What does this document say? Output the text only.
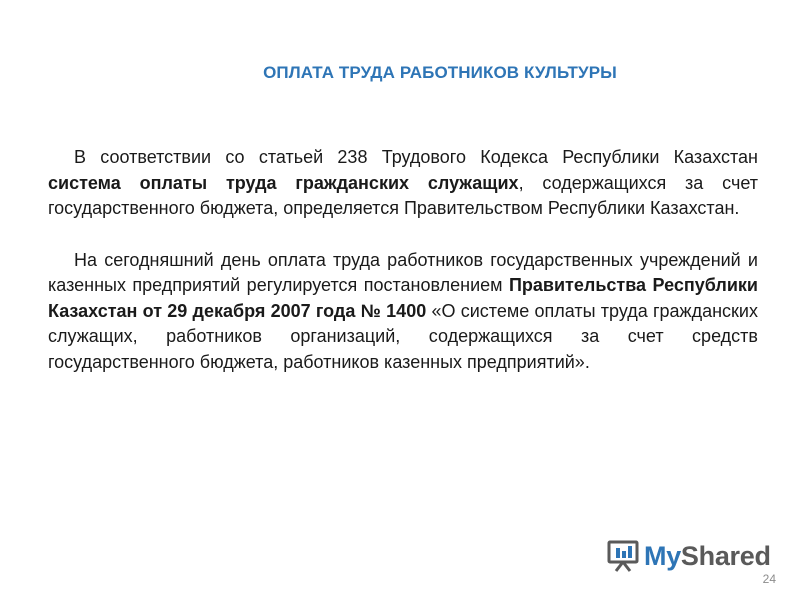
ОПЛАТА ТРУДА РАБОТНИКОВ КУЛЬТУРЫ

В соответствии со статьей 238 Трудового Кодекса Республики Казахстан система оплаты труда гражданских служащих, содержащихся за счет государственного бюджета, определяется Правительством Республики Казахстан.

На сегодняшний день оплата труда работников государственных учреждений и казенных предприятий регулируется постановлением Правительства Республики Казахстан от 29 декабря 2007 года № 1400 «О системе оплаты труда гражданских служащих, работников организаций, содержащихся за счет средств государственного бюджета, работников казенных предприятий».

MyShared
24
